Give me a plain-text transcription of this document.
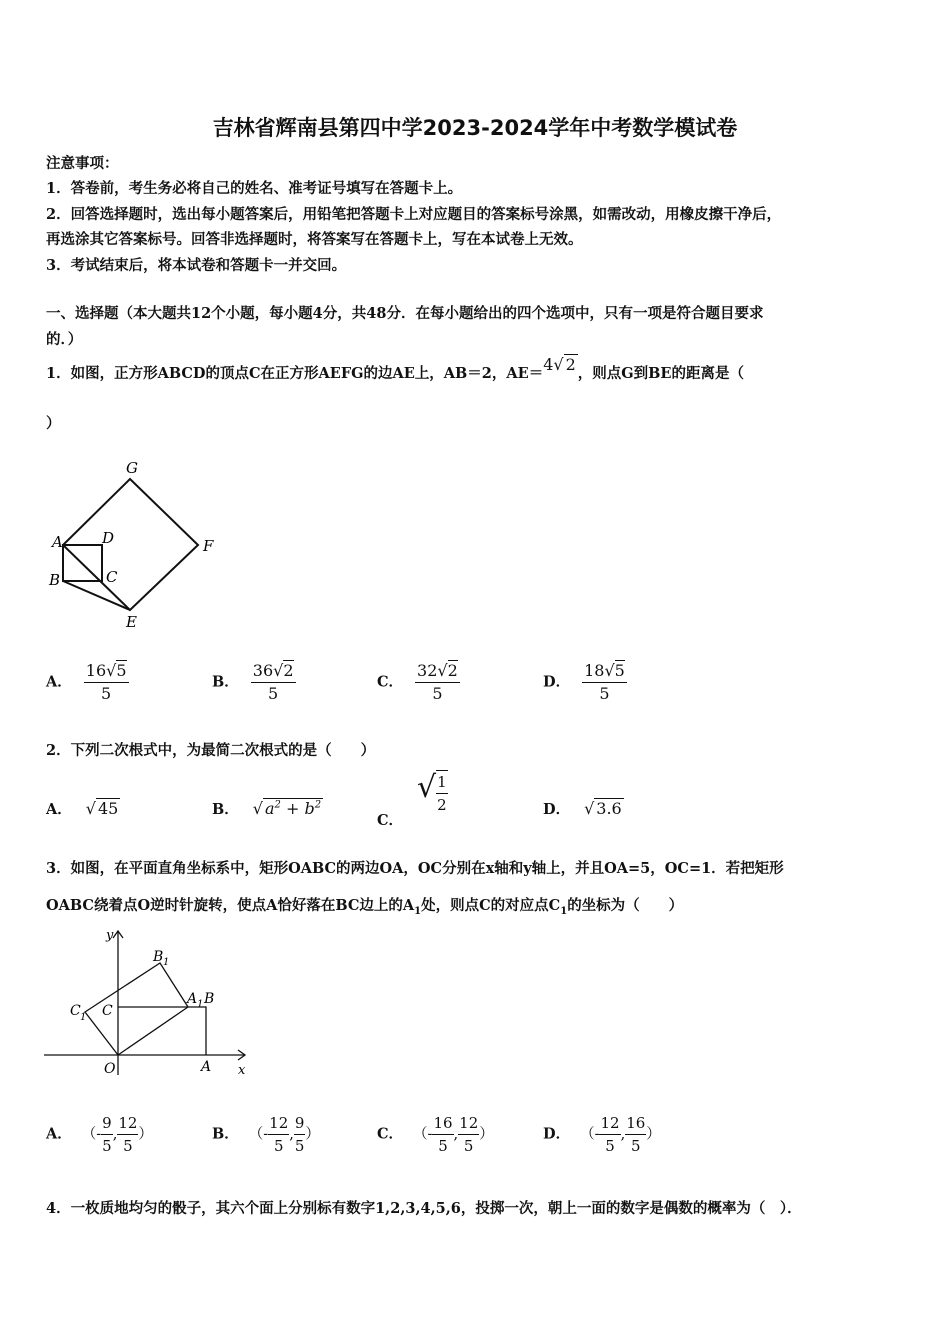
吉林省辉南县第四中学2023-2024学年中考数学模试卷
注意事项：
1．答卷前，考生务必将自己的姓名、准考证号填写在答题卡上。
2．回答选择题时，选出每小题答案后，用铅笔把答题卡上对应题目的答案标号涂黑，如需改动，用橡皮擦干净后，
再选涂其它答案标号。回答非选择题时，将答案写在答题卡上，写在本试卷上无效。
3．考试结束后，将本试卷和答题卡一并交回。
一、选择题（本大题共12个小题，每小题4分，共48分．在每小题给出的四个选项中，只有一项是符合题目要求
的．）
1．如图，正方形ABCD的顶点C在正方形AEFG的边AE上，AB＝2，AE＝4√ 2 ，则点G到BE的距离是（
）
G
A	D	F
B	C
E
A． $\frac{16√5}{5}$	B． $\frac{36√2}{5}$	C． $\frac{32√2}{5}$	D． $\frac{18√5}{5}$
2．下列二次根式中，为最简二次根式的是（　　）
A． √ 45	B． √ $a^2 + b^2$
C．√ $\frac{1}{2}$	D． √ 3.6
3．如图，在平面直角坐标系中，矩形OABC的两边OA，OC分别在x轴和y轴上，并且OA=5，OC=1．若把矩形
OABC绕着点O逆时针旋转，使点A恰好落在BC边上的$A_1$处，则点C的对应点$C_1$的坐标为（　　）
y
B 1
A 1 B
C 1 C
O	A x
A． （- $\frac{9}{5}$ , $\frac{12}{5}$ ）	B． （- $\frac{12}{5}$ , $\frac{9}{5}$ ）	C． （- $\frac{16}{5}$ , $\frac{12}{5}$ ）	D． （- $\frac{12}{5}$ , $\frac{16}{5}$ ）
4．一枚质地均匀的骰子，其六个面上分别标有数字1,2,3,4,5,6，投掷一次，朝上一面的数字是偶数的概率为（　）．
